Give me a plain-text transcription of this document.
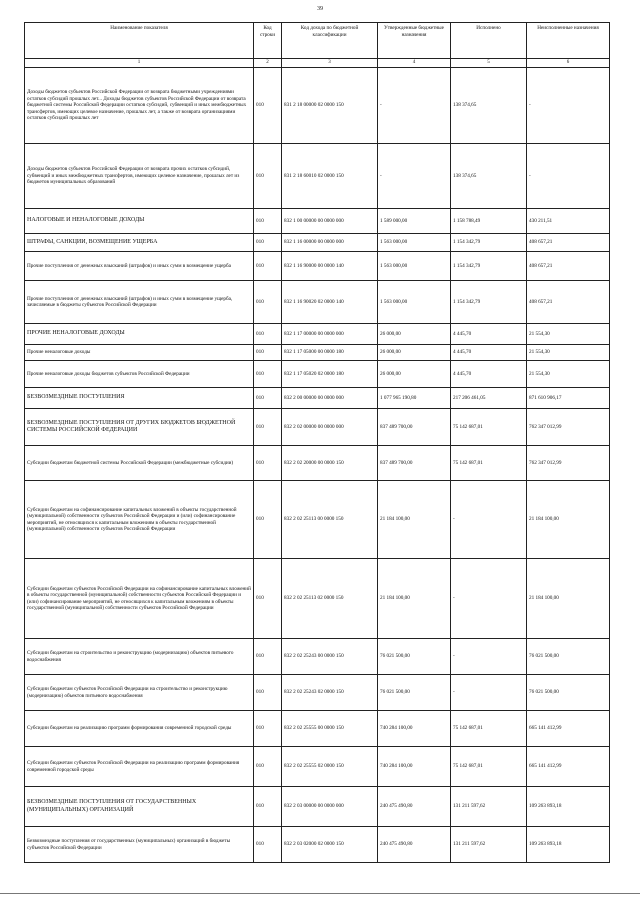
39
Наименование показателя	Код строки	Код дохода по бюджетной классификации	Утвержденные бюджетные назначения	Исполнено	Неисполненные назначения
1	2	3	4	5	6
Доходы бюджетов субъектов Российской Федерации от возврата бюджетными учреждениями остатков субсидий прошлых лет... Доходы бюджетов субъектов Российской Федерации от возврата бюджетной системы Российской Федерации остатков субсидий, субвенций и иных межбюджетных трансфертов, имеющих целевое назначение, прошлых лет, а также от возврата организациями остатков субсидий прошлых лет	010	831 2 18 00000 02 0000 150	-	138 374,65	-
Доходы бюджетов субъектов Российской Федерации от возврата прочих остатков субсидий, субвенций и иных межбюджетных трансфертов, имеющих целевое назначение, прошлых лет из бюджетов муниципальных образований	010	831 2 18 60010 02 0000 150	-	138 374,65	-
НАЛОГОВЫЕ И НЕНАЛОГОВЫЕ ДОХОДЫ	010	832 1 00 00000 00 0000 000	1 589 000,00	1 158 788,49	430 211,51
ШТРАФЫ, САНКЦИИ, ВОЗМЕЩЕНИЕ УЩЕРБА	010	832 1 16 00000 00 0000 000	1 563 000,00	1 154 342,79	408 657,21
Прочие поступления от денежных взысканий (штрафов) и иных сумм в возмещение ущерба	010	832 1 16 90000 00 0000 140	1 563 000,00	1 154 342,79	408 657,21
Прочие поступления от денежных взысканий (штрафов) и иных сумм в возмещение ущерба, зачисляемые в бюджеты субъектов Российской Федерации	010	832 1 16 90020 02 0000 140	1 563 000,00	1 154 342,79	408 657,21
ПРОЧИЕ НЕНАЛОГОВЫЕ ДОХОДЫ	010	832 1 17 00000 00 0000 000	26 000,00	4 445,70	21 554,30
Прочие неналоговые доходы	010	832 1 17 05000 00 0000 180	26 000,00	4 445,70	21 554,30
Прочие неналоговые доходы бюджетов субъектов Российской Федерации	010	832 1 17 05020 02 0000 180	26 000,00	4 445,70	21 554,30
БЕЗВОЗМЕЗДНЫЕ ПОСТУПЛЕНИЯ	010	832 2 00 00000 00 0000 000	1 077 965 190,80	217 206 461,05	871 610 906,17
БЕЗВОЗМЕЗДНЫЕ ПОСТУПЛЕНИЯ ОТ ДРУГИХ БЮДЖЕТОВ БЮДЖЕТНОЙ СИСТЕМЫ РОССИЙСКОЙ ФЕДЕРАЦИИ	010	832 2 02 00000 00 0000 000	837 489 700,00	75 142 687,01	762 347 012,99
Субсидии бюджетам бюджетной системы Российской Федерации (межбюджетные субсидии)	010	832 2 02 20000 00 0000 150	837 489 700,00	75 142 687,01	762 347 012,99
Субсидии бюджетам на софинансирование капитальных вложений в объекты государственной (муниципальной) собственности субъектов Российской Федерации и (или) софинансирование мероприятий, не относящихся к капитальным вложениям в объекты государственной (муниципальной) собственности субъектов Российской Федерации	010	832 2 02 25113 00 0000 150	21 184 100,00	-	21 184 100,00
Субсидии бюджетам субъектов Российской Федерации на софинансирование капитальных вложений в объекты государственной (муниципальной) собственности субъектов Российской Федерации и (или) софинансирование мероприятий, не относящихся к капитальным вложениям в объекты государственной (муниципальной) собственности субъектов Российской Федерации	010	832 2 02 25113 02 0000 150	21 184 100,00	-	21 184 100,00
Субсидии бюджетам на строительство и реконструкцию (модернизацию) объектов питьевого водоснабжения	010	832 2 02 25243 00 0000 150	76 021 500,00	-	76 021 500,00
Субсидии бюджетам субъектов Российской Федерации на строительство и реконструкцию (модернизацию) объектов питьевого водоснабжения	010	832 2 02 25243 02 0000 150	76 021 500,00	-	76 021 500,00
Субсидии бюджетам на реализацию программ формирования современной городской среды	010	832 2 02 25555 00 0000 150	740 284 100,00	75 142 687,01	665 141 412,99
Субсидии бюджетам субъектов Российской Федерации на реализацию программ формирования современной городской среды	010	832 2 02 25555 02 0000 150	740 284 100,00	75 142 687,01	665 141 412,99
БЕЗВОЗМЕЗДНЫЕ ПОСТУПЛЕНИЯ ОТ ГОСУДАРСТВЕННЫХ (МУНИЦИПАЛЬНЫХ) ОРГАНИЗАЦИЙ	010	832 2 03 00000 00 0000 000	240 475 490,80	131 211 597,62	109 263 893,18
Безвозмездные поступления от государственных (муниципальных) организаций в бюджеты субъектов Российской Федерации	010	832 2 03 02000 02 0000 150	240 475 490,80	131 211 597,62	109 263 893,18
